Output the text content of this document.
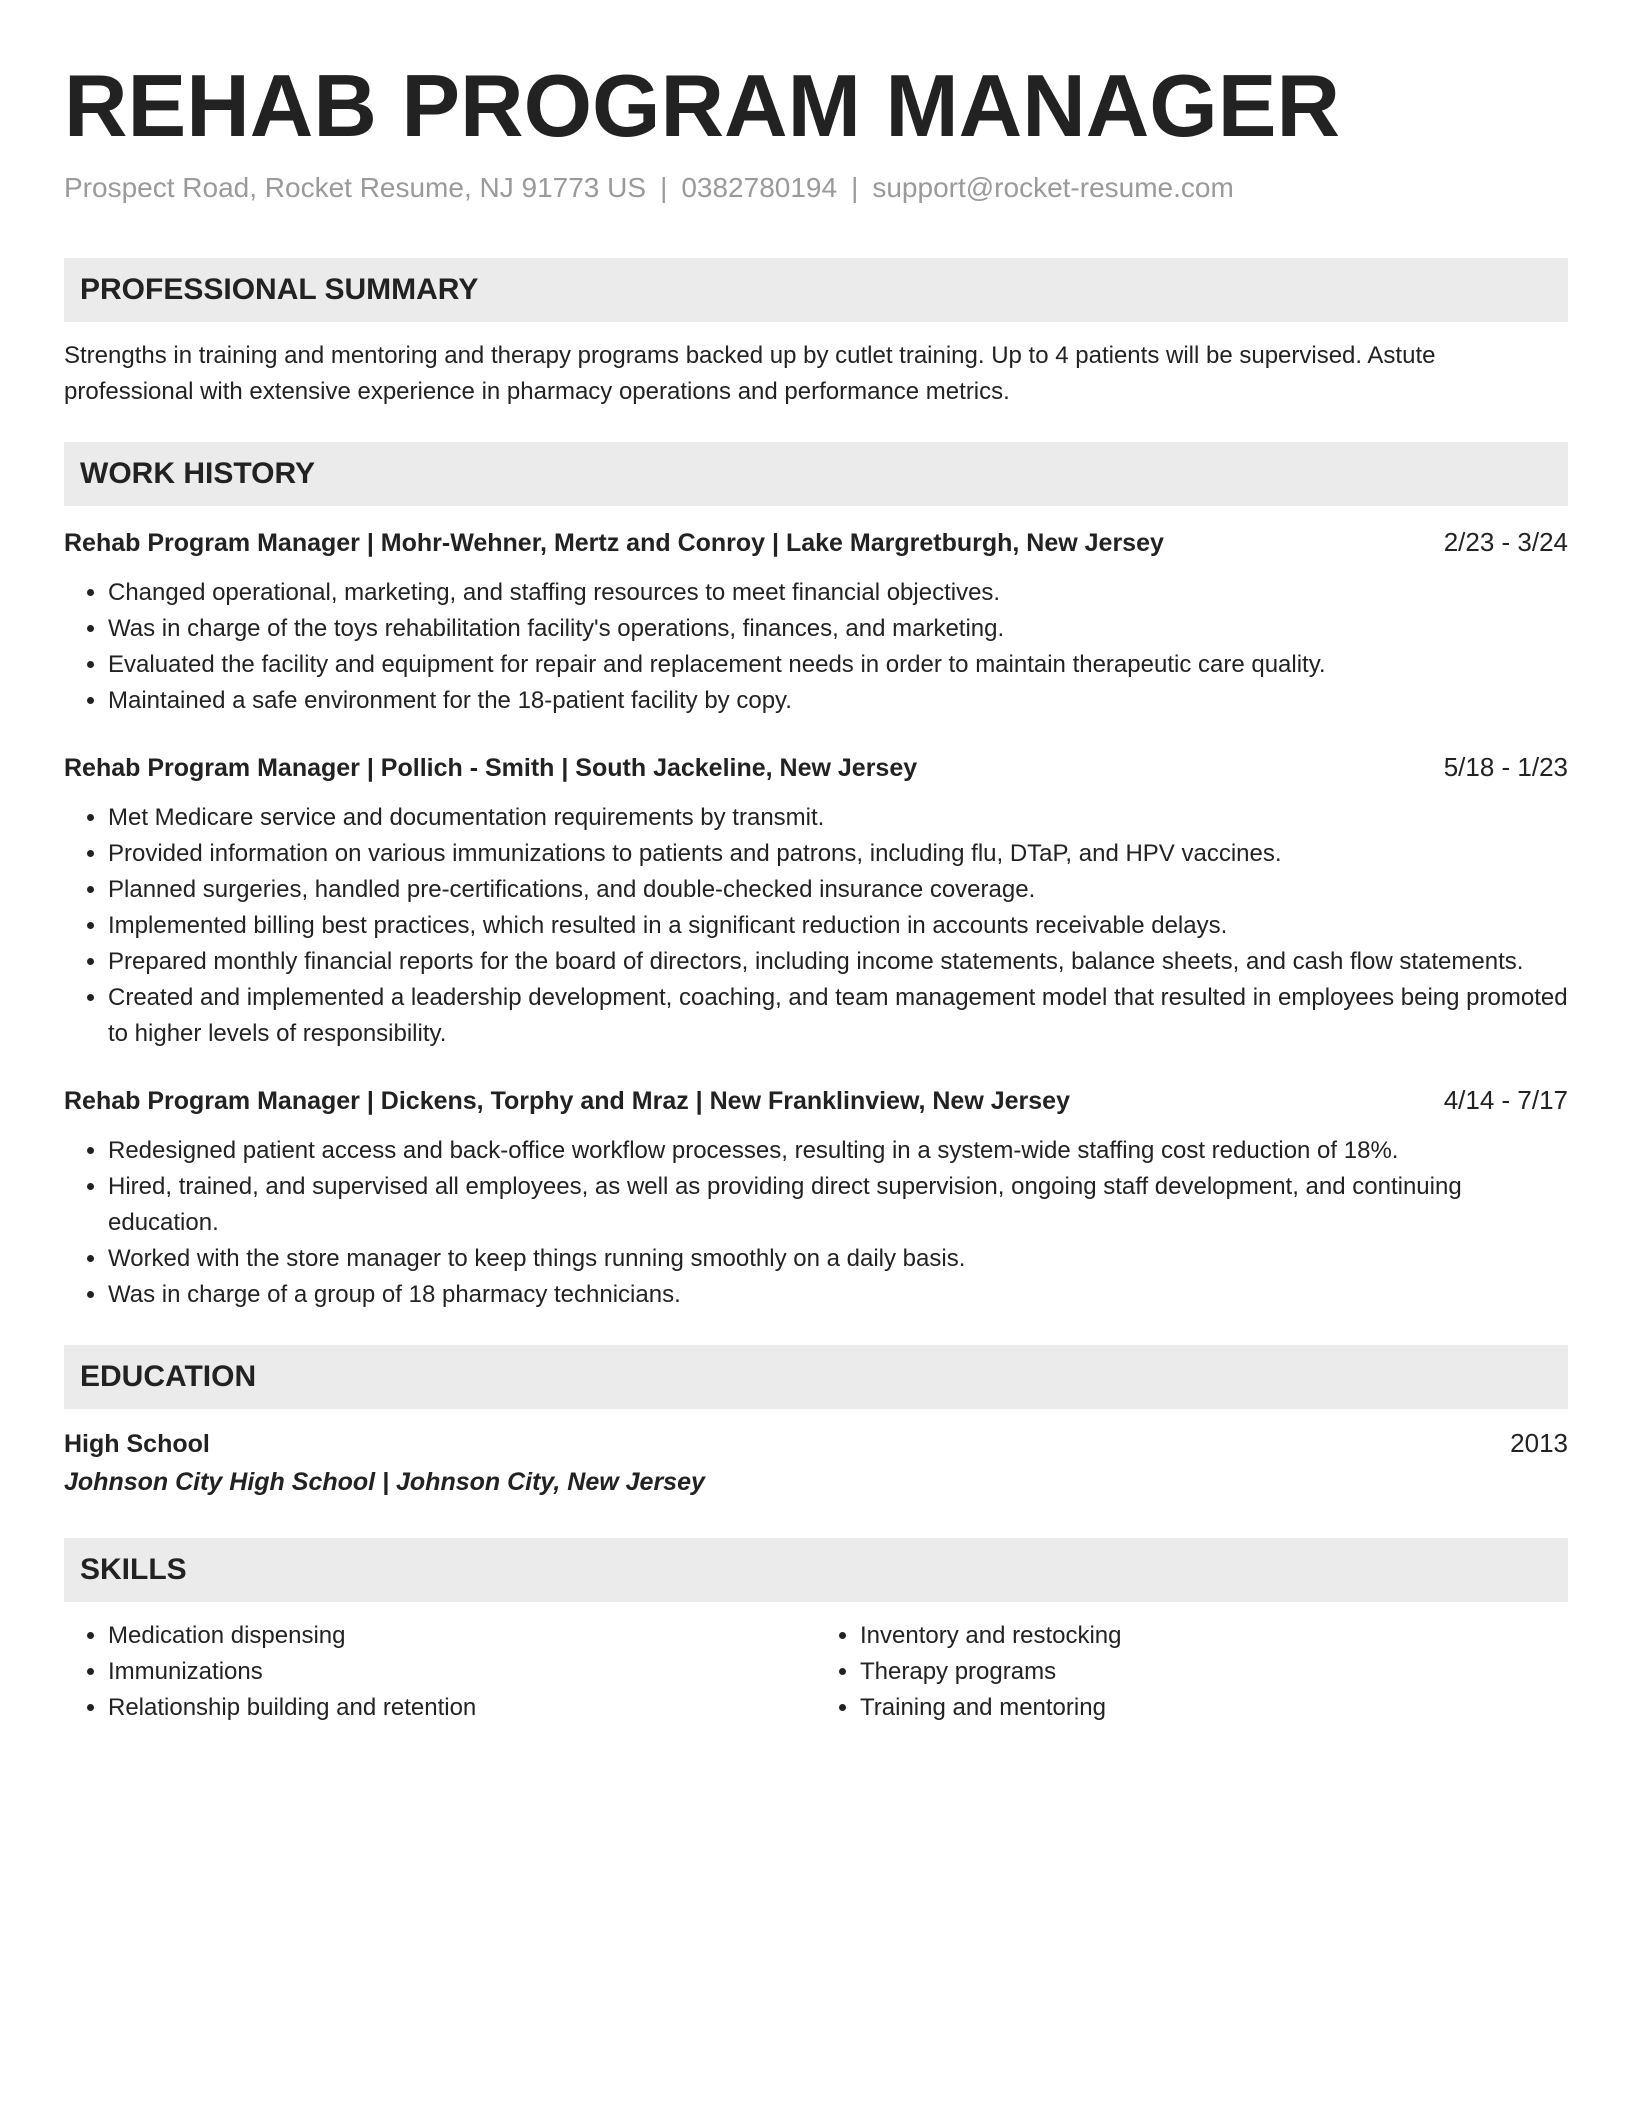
REHAB PROGRAM MANAGER
Prospect Road, Rocket Resume, NJ 91773 US | 0382780194 | support@rocket-resume.com
PROFESSIONAL SUMMARY

Strengths in training and mentoring and therapy programs backed up by cutlet training. Up to 4 patients will be supervised. Astute professional with extensive experience in pharmacy operations and performance metrics.

WORK HISTORY
Rehab Program Manager | Mohr-Wehner, Mertz and Conroy | Lake Margretburgh, New Jersey	2/23 - 3/24
• Changed operational, marketing, and staffing resources to meet financial objectives.
• Was in charge of the toys rehabilitation facility's operations, finances, and marketing.
• Evaluated the facility and equipment for repair and replacement needs in order to maintain therapeutic care quality.
• Maintained a safe environment for the 18-patient facility by copy.
Rehab Program Manager | Pollich - Smith | South Jackeline, New Jersey	5/18 - 1/23
• Met Medicare service and documentation requirements by transmit.
• Provided information on various immunizations to patients and patrons, including flu, DTaP, and HPV vaccines.
• Planned surgeries, handled pre-certifications, and double-checked insurance coverage.
• Implemented billing best practices, which resulted in a significant reduction in accounts receivable delays.
• Prepared monthly financial reports for the board of directors, including income statements, balance sheets, and cash flow statements.
• Created and implemented a leadership development, coaching, and team management model that resulted in employees being promoted to higher levels of responsibility.
Rehab Program Manager | Dickens, Torphy and Mraz | New Franklinview, New Jersey	4/14 - 7/17
• Redesigned patient access and back-office workflow processes, resulting in a system-wide staffing cost reduction of 18%.
• Hired, trained, and supervised all employees, as well as providing direct supervision, ongoing staff development, and continuing education.
• Worked with the store manager to keep things running smoothly on a daily basis.
• Was in charge of a group of 18 pharmacy technicians.
EDUCATION
High School	2013
Johnson City High School | Johnson City, New Jersey
SKILLS
• Medication dispensing
• Immunizations
• Relationship building and retention
• Inventory and restocking
• Therapy programs
• Training and mentoring
